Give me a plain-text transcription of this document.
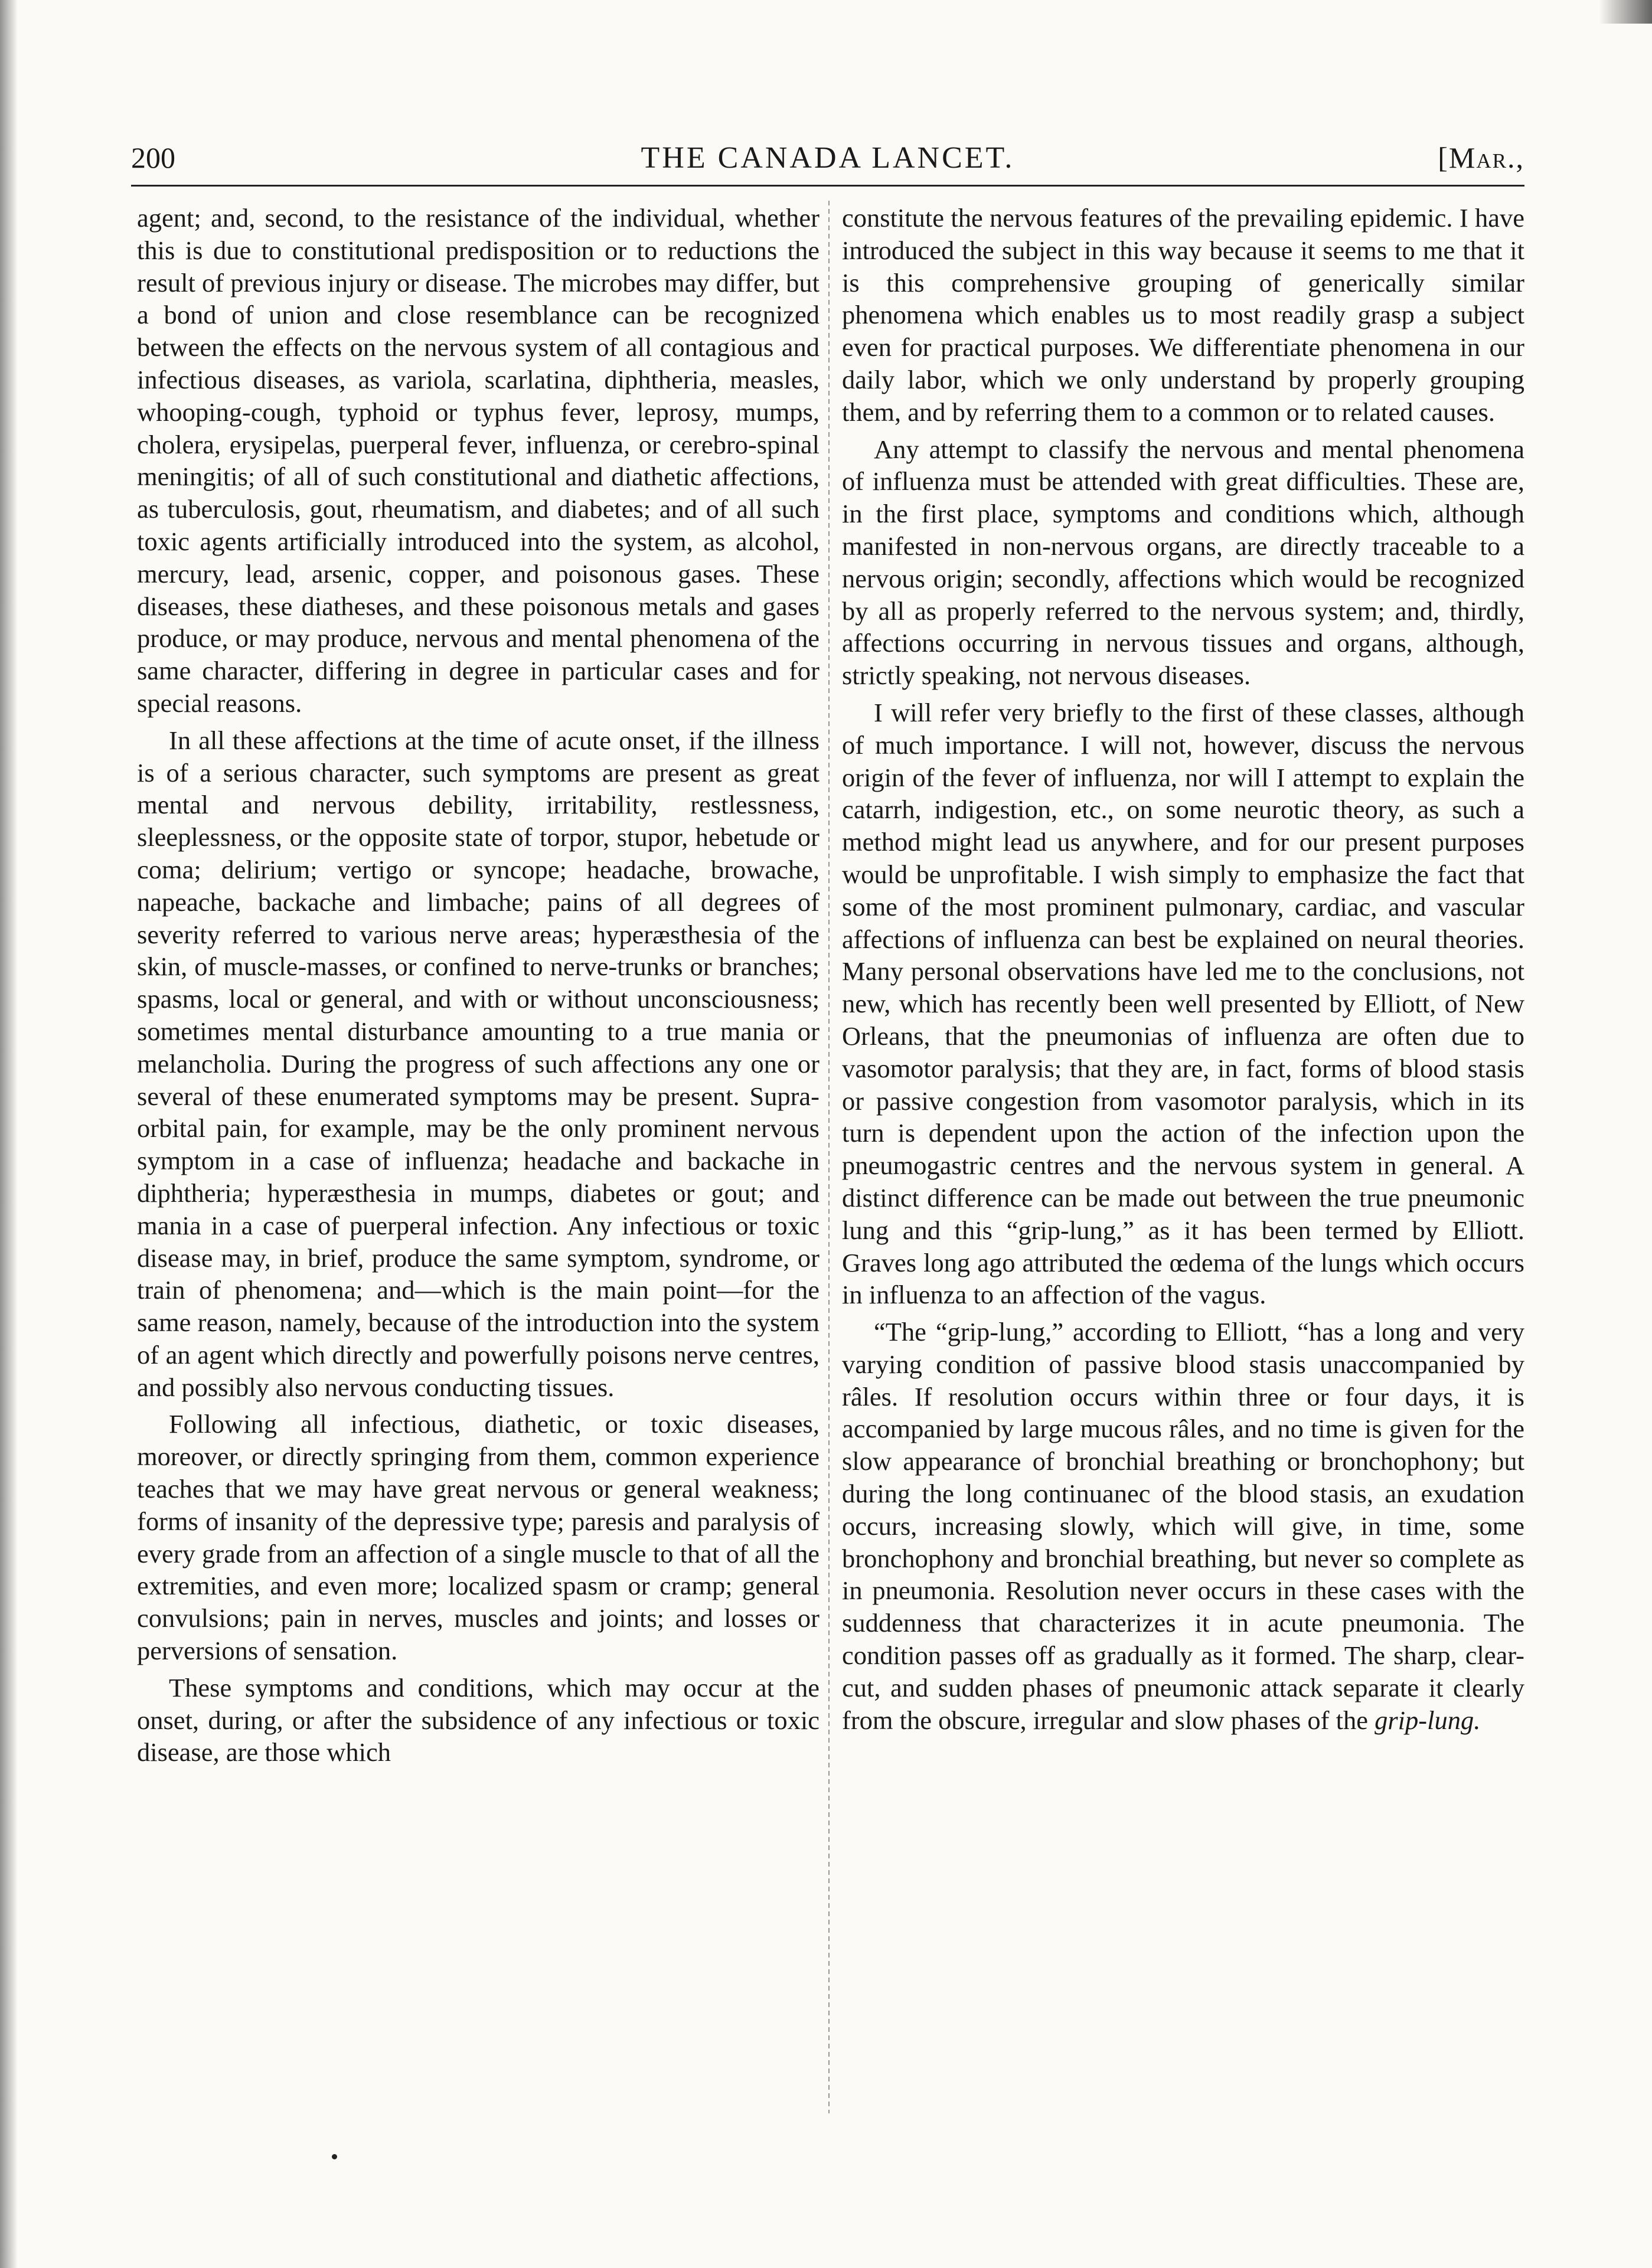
200	THE CANADA LANCET.	[Mar.,

agent; and, second, to the resistance of the individual, whether this is due to constitutional predisposition or to reductions the result of previous injury or disease. The microbes may differ, but a bond of union and close resemblance can be recognized between the effects on the nervous system of all contagious and infectious diseases, as variola, scarlatina, diphtheria, measles, whooping-cough, typhoid or typhus fever, leprosy, mumps, cholera, erysipelas, puerperal fever, influenza, or cerebro-spinal meningitis; of all of such constitutional and diathetic affections, as tuberculosis, gout, rheumatism, and diabetes; and of all such toxic agents artificially introduced into the system, as alcohol, mercury, lead, arsenic, copper, and poisonous gases. These diseases, these diatheses, and these poisonous metals and gases produce, or may produce, nervous and mental phenomena of the same character, differing in degree in particular cases and for special reasons.

In all these affections at the time of acute onset, if the illness is of a serious character, such symptoms are present as great mental and nervous debility, irritability, restlessness, sleeplessness, or the opposite state of torpor, stupor, hebetude or coma; delirium; vertigo or syncope; headache, browache, napeache, backache and limbache; pains of all degrees of severity referred to various nerve areas; hyperæsthesia of the skin, of muscle-masses, or confined to nerve-trunks or branches; spasms, local or general, and with or without unconsciousness; sometimes mental disturbance amounting to a true mania or melancholia. During the progress of such affections any one or several of these enumerated symptoms may be present. Supra-orbital pain, for example, may be the only prominent nervous symptom in a case of influenza; headache and backache in diphtheria; hyperæsthesia in mumps, diabetes or gout; and mania in a case of puerperal infection. Any infectious or toxic disease may, in brief, produce the same symptom, syndrome, or train of phenomena; and—which is the main point—for the same reason, namely, because of the introduction into the system of an agent which directly and powerfully poisons nerve centres, and possibly also nervous conducting tissues.

Following all infectious, diathetic, or toxic diseases, moreover, or directly springing from them, common experience teaches that we may have great nervous or general weakness; forms of insanity of the depressive type; paresis and paralysis of every grade from an affection of a single muscle to that of all the extremities, and even more; localized spasm or cramp; general convulsions; pain in nerves, muscles and joints; and losses or perversions of sensation.

These symptoms and conditions, which may occur at the onset, during, or after the subsidence of any infectious or toxic disease, are those which

constitute the nervous features of the prevailing epidemic. I have introduced the subject in this way because it seems to me that it is this comprehensive grouping of generically similar phenomena which enables us to most readily grasp a subject even for practical purposes. We differentiate phenomena in our daily labor, which we only understand by properly grouping them, and by referring them to a common or to related causes.

Any attempt to classify the nervous and mental phenomena of influenza must be attended with great difficulties. These are, in the first place, symptoms and conditions which, although manifested in non-nervous organs, are directly traceable to a nervous origin; secondly, affections which would be recognized by all as properly referred to the nervous system; and, thirdly, affections occurring in nervous tissues and organs, although, strictly speaking, not nervous diseases.

I will refer very briefly to the first of these classes, although of much importance. I will not, however, discuss the nervous origin of the fever of influenza, nor will I attempt to explain the catarrh, indigestion, etc., on some neurotic theory, as such a method might lead us anywhere, and for our present purposes would be unprofitable. I wish simply to emphasize the fact that some of the most prominent pulmonary, cardiac, and vascular affections of influenza can best be explained on neural theories. Many personal observations have led me to the conclusions, not new, which has recently been well presented by Elliott, of New Orleans, that the pneumonias of influenza are often due to vasomotor paralysis; that they are, in fact, forms of blood stasis or passive congestion from vasomotor paralysis, which in its turn is dependent upon the action of the infection upon the pneumogastric centres and the nervous system in general. A distinct difference can be made out between the true pneumonic lung and this “grip-lung,” as it has been termed by Elliott. Graves long ago attributed the œdema of the lungs which occurs in influenza to an affection of the vagus.

“The “grip-lung,” according to Elliott, “has a long and very varying condition of passive blood stasis unaccompanied by râles. If resolution occurs within three or four days, it is accompanied by large mucous râles, and no time is given for the slow appearance of bronchial breathing or bronchophony; but during the long continuanec of the blood stasis, an exudation occurs, increasing slowly, which will give, in time, some bronchophony and bronchial breathing, but never so complete as in pneumonia. Resolution never occurs in these cases with the suddenness that characterizes it in acute pneumonia. The condition passes off as gradually as it formed. The sharp, clear-cut, and sudden phases of pneumonic attack separate it clearly from the obscure, irregular and slow phases of the grip-lung.
